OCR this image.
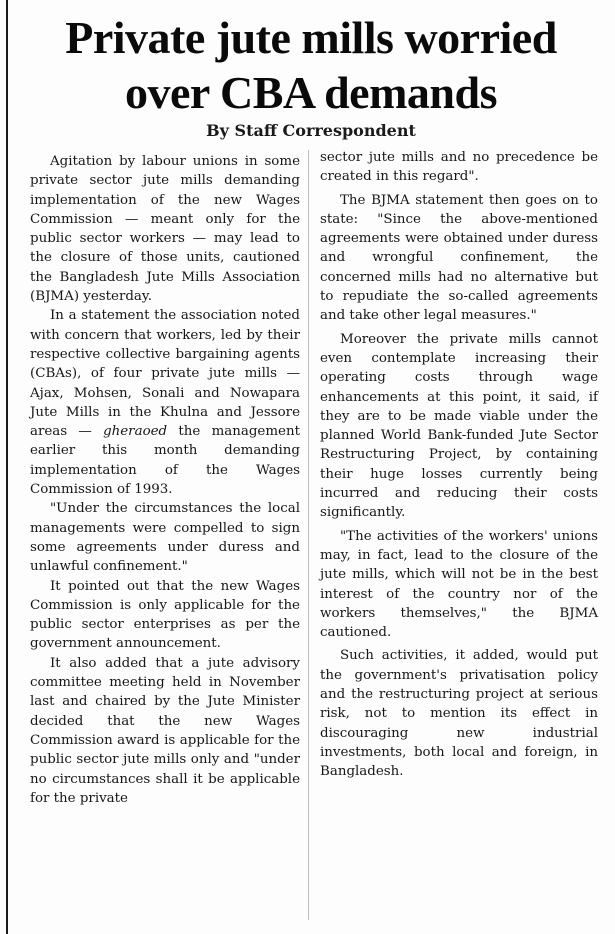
Private jute mills worried
over CBA demands
By Staff Correspondent

Agitation by labour unions in some private sector jute mills demanding implementation of the new Wages Commission — meant only for the public sector workers — may lead to the closure of those units, cautioned the Bangladesh Jute Mills Association (BJMA) yesterday.

In a statement the association noted with concern that workers, led by their respective collective bargaining agents (CBAs), of four private jute mills — Ajax, Mohsen, Sonali and Nowapara Jute Mills in the Khulna and Jessore areas — gheraoed the management earlier this month demanding implementation of the Wages Commission of 1993.

"Under the circumstances the local managements were compelled to sign some agreements under duress and unlawful confinement."

It pointed out that the new Wages Commission is only applicable for the public sector enterprises as per the government announcement.

It also added that a jute advisory committee meeting held in November last and chaired by the Jute Minister decided that the new Wages Commission award is applicable for the public sector jute mills only and "under no circumstances shall it be applicable for the private

sector jute mills and no precedence be created in this regard".

The BJMA statement then goes on to state: "Since the above-mentioned agreements were obtained under duress and wrongful confinement, the concerned mills had no alternative but to repudiate the so-called agreements and take other legal measures."

Moreover the private mills cannot even contemplate increasing their operating costs through wage enhancements at this point, it said, if they are to be made viable under the planned World Bank-funded Jute Sector Restructuring Project, by containing their huge losses currently being incurred and reducing their costs significantly.

"The activities of the workers' unions may, in fact, lead to the closure of the jute mills, which will not be in the best interest of the country nor of the workers themselves," the BJMA cautioned.

Such activities, it added, would put the government's privatisation policy and the restructuring project at serious risk, not to mention its effect in discouraging new industrial investments, both local and foreign, in Bangladesh.
